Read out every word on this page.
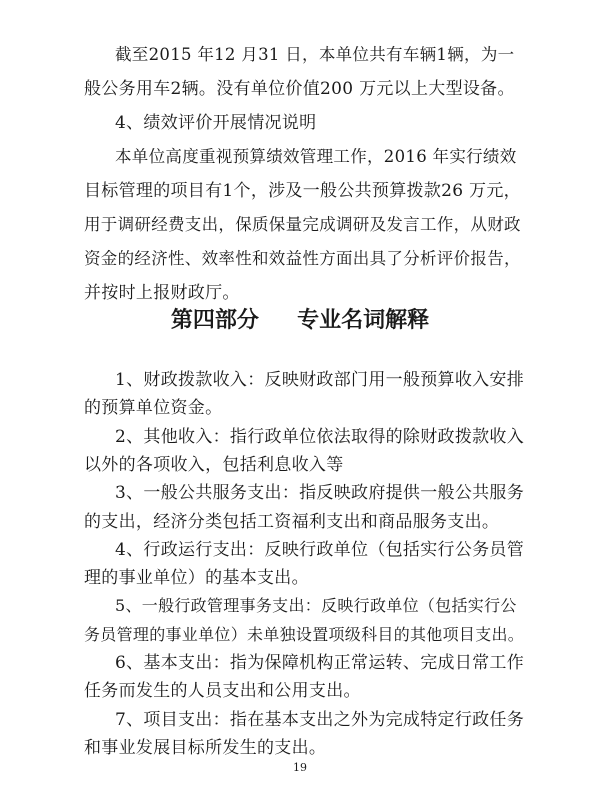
截至2015 年12 月31 日，本单位共有车辆1辆，为一
般公务用车2辆。没有单位价值200 万元以上大型设备。
4、绩效评价开展情况说明
本单位高度重视预算绩效管理工作，2016 年实行绩效
目标管理的项目有1个，涉及一般公共预算拨款26 万元，
用于调研经费支出，保质保量完成调研及发言工作，从财政
资金的经济性、效率性和效益性方面出具了分析评价报告，
并按时上报财政厅。
第四部分     专业名词解释
1、财政拨款收入：反映财政部门用一般预算收入安排
的预算单位资金。
2、其他收入：指行政单位依法取得的除财政拨款收入
以外的各项收入，包括利息收入等
3、一般公共服务支出：指反映政府提供一般公共服务
的支出，经济分类包括工资福利支出和商品服务支出。
4、行政运行支出：反映行政单位（包括实行公务员管
理的事业单位）的基本支出。
5、一般行政管理事务支出：反映行政单位（包括实行公
务员管理的事业单位）未单独设置项级科目的其他项目支出。
6、基本支出：指为保障机构正常运转、完成日常工作
任务而发生的人员支出和公用支出。
7、项目支出：指在基本支出之外为完成特定行政任务
和事业发展目标所发生的支出。
19
